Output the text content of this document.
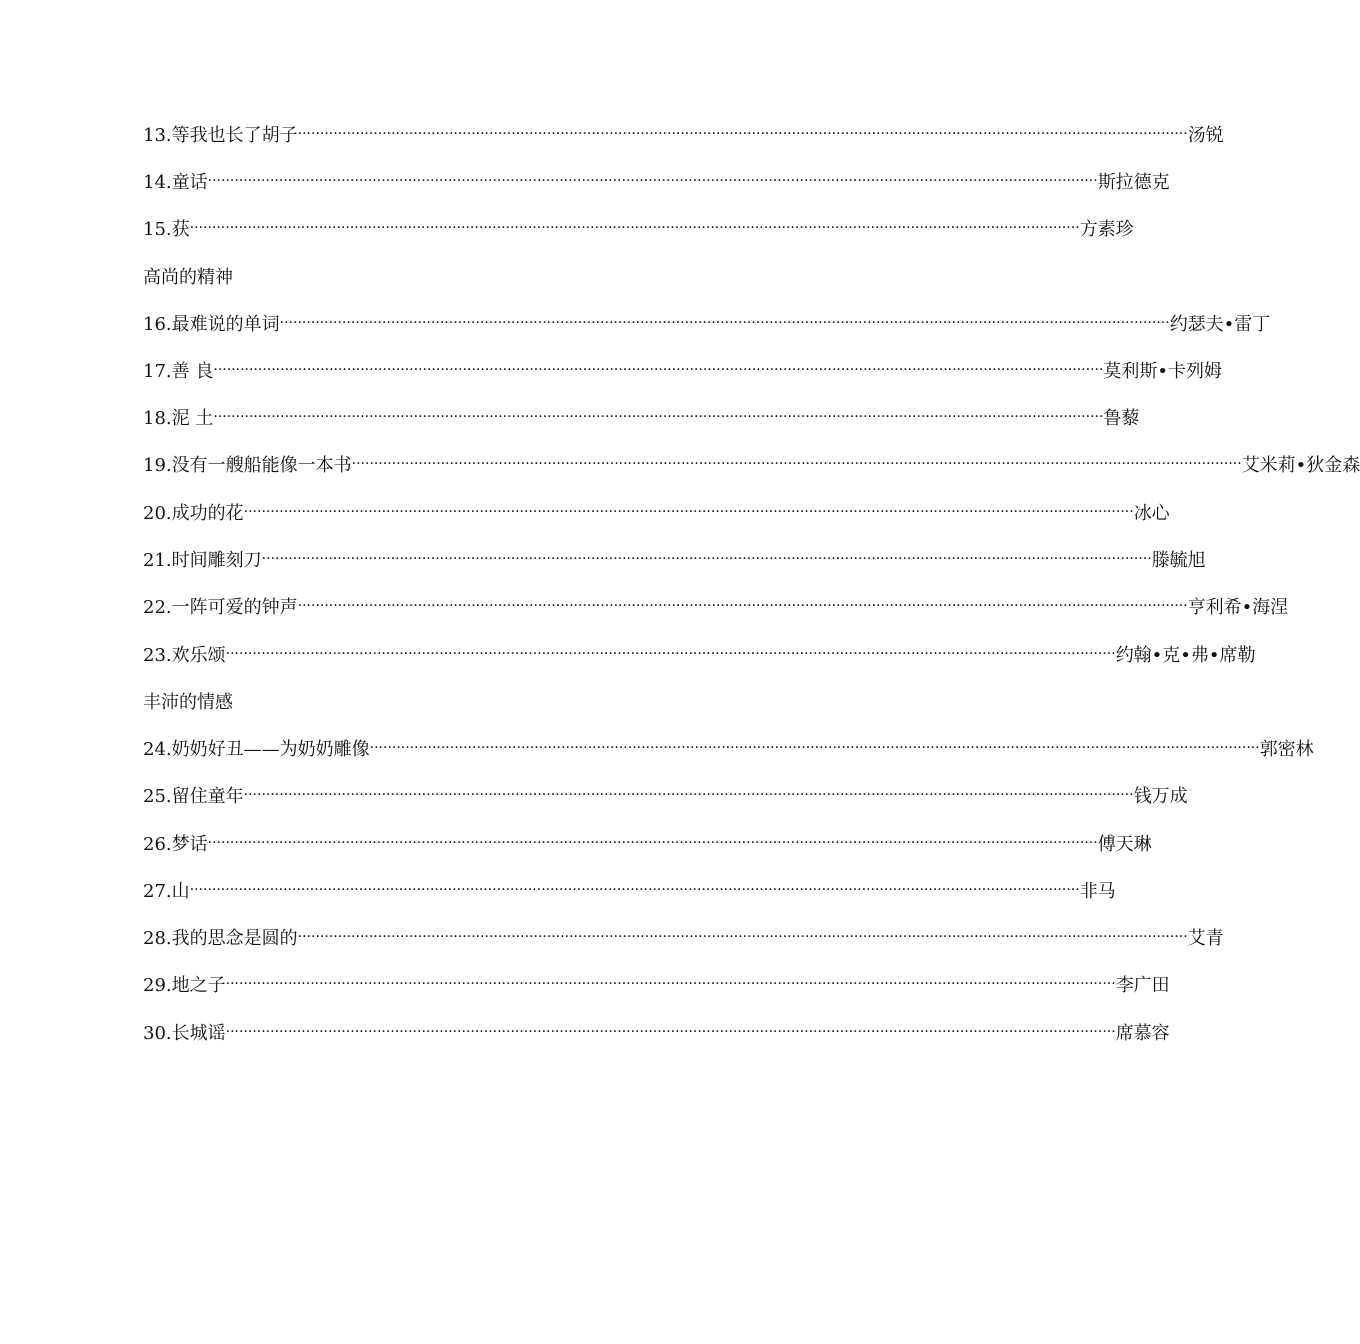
13. 等我也长了胡子 ········································································································································································································ 汤锐
14. 童话 ········································································································································································································ 斯拉德克
15. 获 ········································································································································································································ 方素珍
高尚的精神
16. 最难说的单词 ········································································································································································································ 约瑟夫•雷丁
17. 善 良 ········································································································································································································ 莫利斯•卡列姆
18. 泥 土 ········································································································································································································ 鲁藜
19. 没有一艘船能像一本书 ········································································································································································································ 艾米莉•狄金森
20. 成功的花 ········································································································································································································ 冰心
21. 时间雕刻刀 ········································································································································································································ 滕毓旭
22. 一阵可爱的钟声 ········································································································································································································ 亨利希•海涅
23. 欢乐颂 ········································································································································································································ 约翰•克•弗•席勒
丰沛的情感
24. 奶奶好丑——为奶奶雕像 ········································································································································································································ 郭密林
25. 留住童年 ········································································································································································································ 钱万成
26. 梦话 ········································································································································································································ 傅天琳
27. 山 ········································································································································································································ 非马
28. 我的思念是圆的 ········································································································································································································ 艾青
29. 地之子 ········································································································································································································ 李广田
30. 长城谣 ········································································································································································································ 席慕容
